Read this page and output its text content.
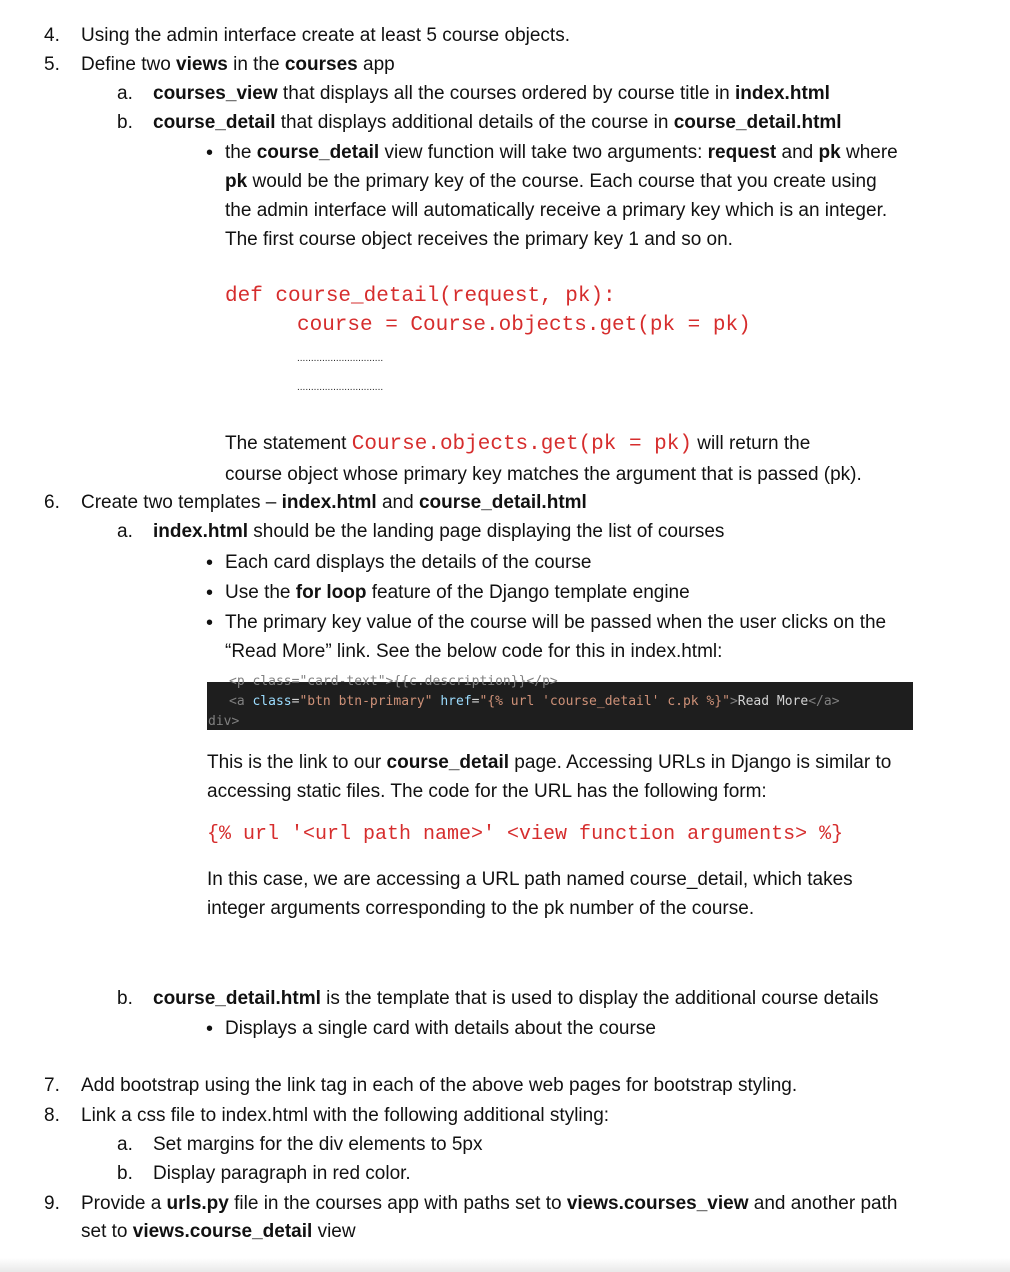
4. Using the admin interface create at least 5 course objects.
5. Define two views in the courses app
a. courses_view that displays all the courses ordered by course title in index.html
b. course_detail that displays additional details of the course in course_detail.html
• the course_detail view function will take two arguments: request and pk where
pk would be the primary key of the course. Each course that you create using
the admin interface will automatically receive a primary key which is an integer.
The first course object receives the primary key 1 and so on.
def course_detail(request, pk):
course = Course.objects.get(pk = pk)
...............................
...............................
The statement Course.objects.get(pk = pk) will return the
course object whose primary key matches the argument that is passed (pk).
6. Create two templates – index.html and course_detail.html
a. index.html should be the landing page displaying the list of courses
• Each card displays the details of the course
• Use the for loop feature of the Django template engine
• The primary key value of the course will be passed when the user clicks on the
“Read More” link. See the below code for this in index.html:
<p class="card-text">{{c.description}}</p>
<a class="btn btn-primary" href="{% url 'course_detail' c.pk %}">Read More</a>
div>
This is the link to our course_detail page. Accessing URLs in Django is similar to
accessing static files. The code for the URL has the following form:
{% url '<url path name>' <view function arguments> %}
In this case, we are accessing a URL path named course_detail, which takes
integer arguments corresponding to the pk number of the course.
b. course_detail.html is the template that is used to display the additional course details
• Displays a single card with details about the course
7. Add bootstrap using the link tag in each of the above web pages for bootstrap styling.
8. Link a css file to index.html with the following additional styling:
a. Set margins for the div elements to 5px
b. Display paragraph in red color.
9. Provide a urls.py file in the courses app with paths set to views.courses_view and another path
set to views.course_detail view
